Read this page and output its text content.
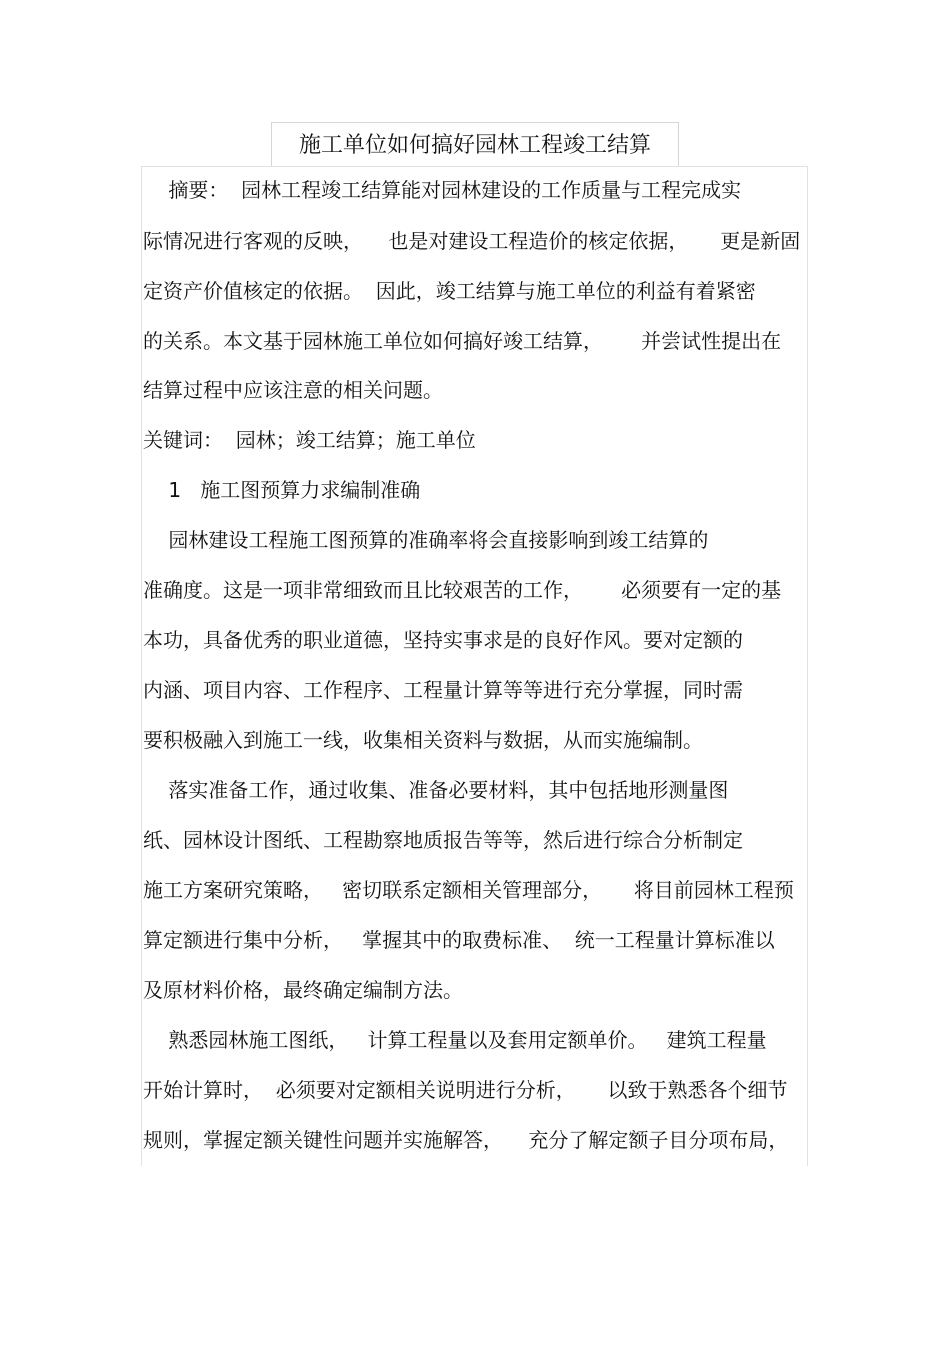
施工单位如何搞好园林工程竣工结算
摘要：  园林工程竣工结算能对园林建设的工作质量与工程完成实
际情况进行客观的反映，    也是对建设工程造价的核定依据，     更是新固
定资产价值核定的依据。  因此，竣工结算与施工单位的利益有着紧密
的关系。本文基于园林施工单位如何搞好竣工结算，      并尝试性提出在
结算过程中应该注意的相关问题。
关键词：  园林；竣工结算；施工单位
1   施工图预算力求编制准确
园林建设工程施工图预算的准确率将会直接影响到竣工结算的
准确度。这是一项非常细致而且比较艰苦的工作，      必须要有一定的基
本功，具备优秀的职业道德，坚持实事求是的良好作风。要对定额的
内涵、项目内容、工作程序、工程量计算等等进行充分掌握，同时需
要积极融入到施工一线，收集相关资料与数据，从而实施编制。
落实准备工作，通过收集、准备必要材料，其中包括地形测量图
纸、园林设计图纸、工程勘察地质报告等等，然后进行综合分析制定
施工方案研究策略，   密切联系定额相关管理部分，     将目前园林工程预
算定额进行集中分析，   掌握其中的取费标准、  统一工程量计算标准以
及原材料价格，最终确定编制方法。
熟悉园林施工图纸，   计算工程量以及套用定额单价。   建筑工程量
开始计算时，  必须要对定额相关说明进行分析，     以致于熟悉各个细节
规则，掌握定额关键性问题并实施解答，    充分了解定额子目分项布局，
